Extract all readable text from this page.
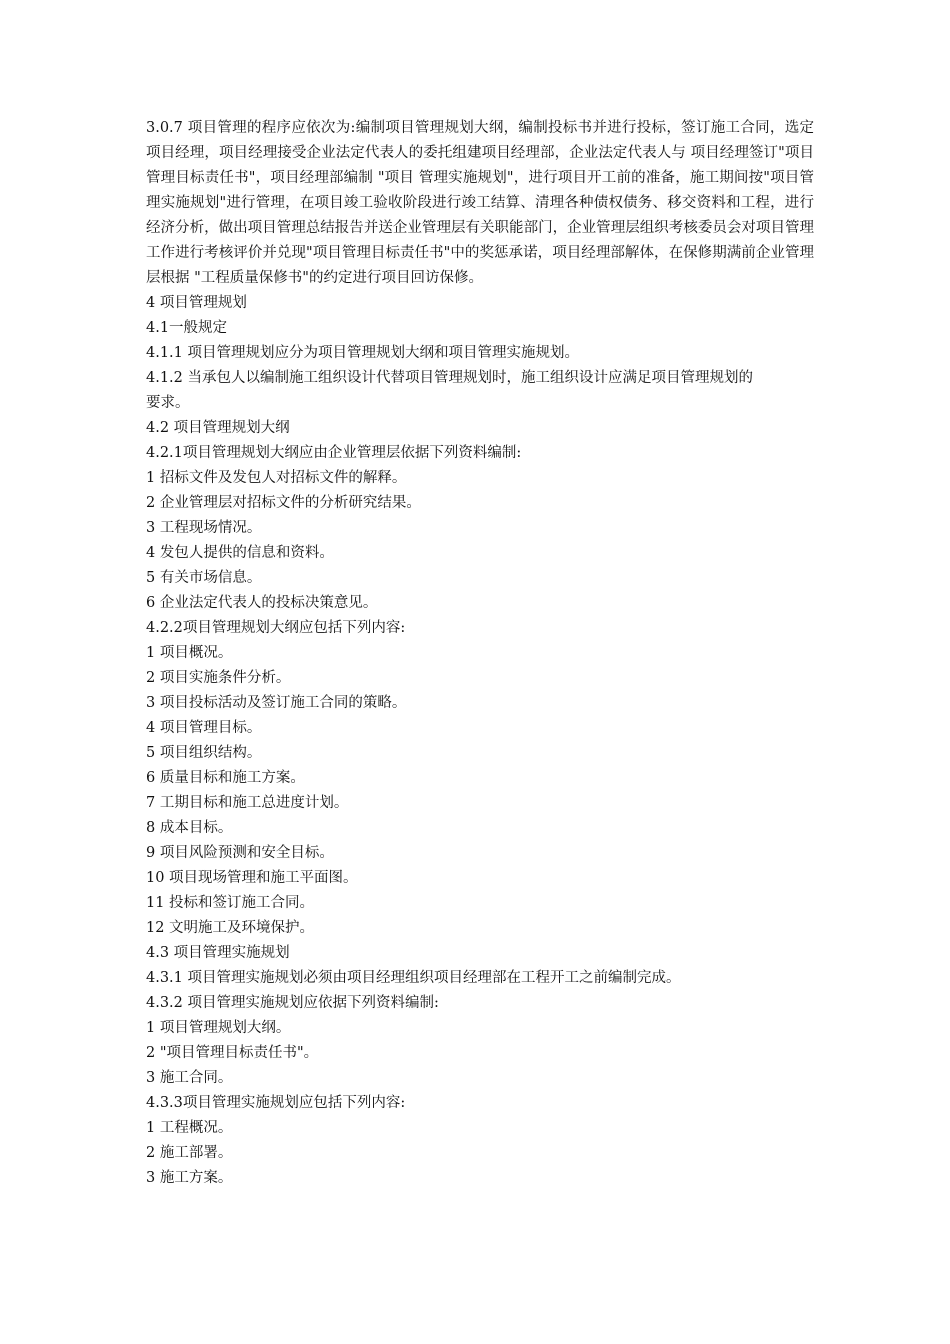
3.0.7 项目管理的程序应依次为:编制项目管理规划大纲，编制投标书并进行投标，签订施工合同，选定项目经理，项目经理接受企业法定代表人的委托组建项目经理部，企业法定代表人与 项目经理签订"项目管理目标责任书"，项目经理部编制 "项目 管理实施规划"，进行项目开工前的准备，施工期间按"项目管理实施规划"进行管理，在项目竣工验收阶段进行竣工结算、清理各种债权债务、移交资料和工程，进行经济分析，做出项目管理总结报告并送企业管理层有关职能部门，企业管理层组织考核委员会对项目管理工作进行考核评价并兑现"项目管理目标责任书"中的奖惩承诺，项目经理部解体，在保修期满前企业管理层根据 "工程质量保修书"的约定进行项目回访保修。

4 项目管理规划

4.1一般规定

4.1.1 项目管理规划应分为项目管理规划大纲和项目管理实施规划。

4.1.2 当承包人以编制施工组织设计代替项目管理规划时，施工组织设计应满足项目管理规划的

要求。

4.2 项目管理规划大纲

4.2.1项目管理规划大纲应由企业管理层依据下列资料编制:

1 招标文件及发包人对招标文件的解释。

2 企业管理层对招标文件的分析研究结果。

3 工程现场情况。

4 发包人提供的信息和资料。

5 有关市场信息。

6 企业法定代表人的投标决策意见。

4.2.2项目管理规划大纲应包括下列内容:

1 项目概况。

2 项目实施条件分析。

3 项目投标活动及签订施工合同的策略。

4 项目管理目标。

5 项目组织结构。

6 质量目标和施工方案。

7 工期目标和施工总进度计划。

8 成本目标。

9 项目风险预测和安全目标。

10 项目现场管理和施工平面图。

11 投标和签订施工合同。

12 文明施工及环境保护。

4.3 项目管理实施规划

4.3.1 项目管理实施规划必须由项目经理组织项目经理部在工程开工之前编制完成。

4.3.2 项目管理实施规划应依据下列资料编制:

1 项目管理规划大纲。

2 "项目管理目标责任书"。

3 施工合同。

4.3.3项目管理实施规划应包括下列内容:

1 工程概况。

2 施工部署。

3 施工方案。
